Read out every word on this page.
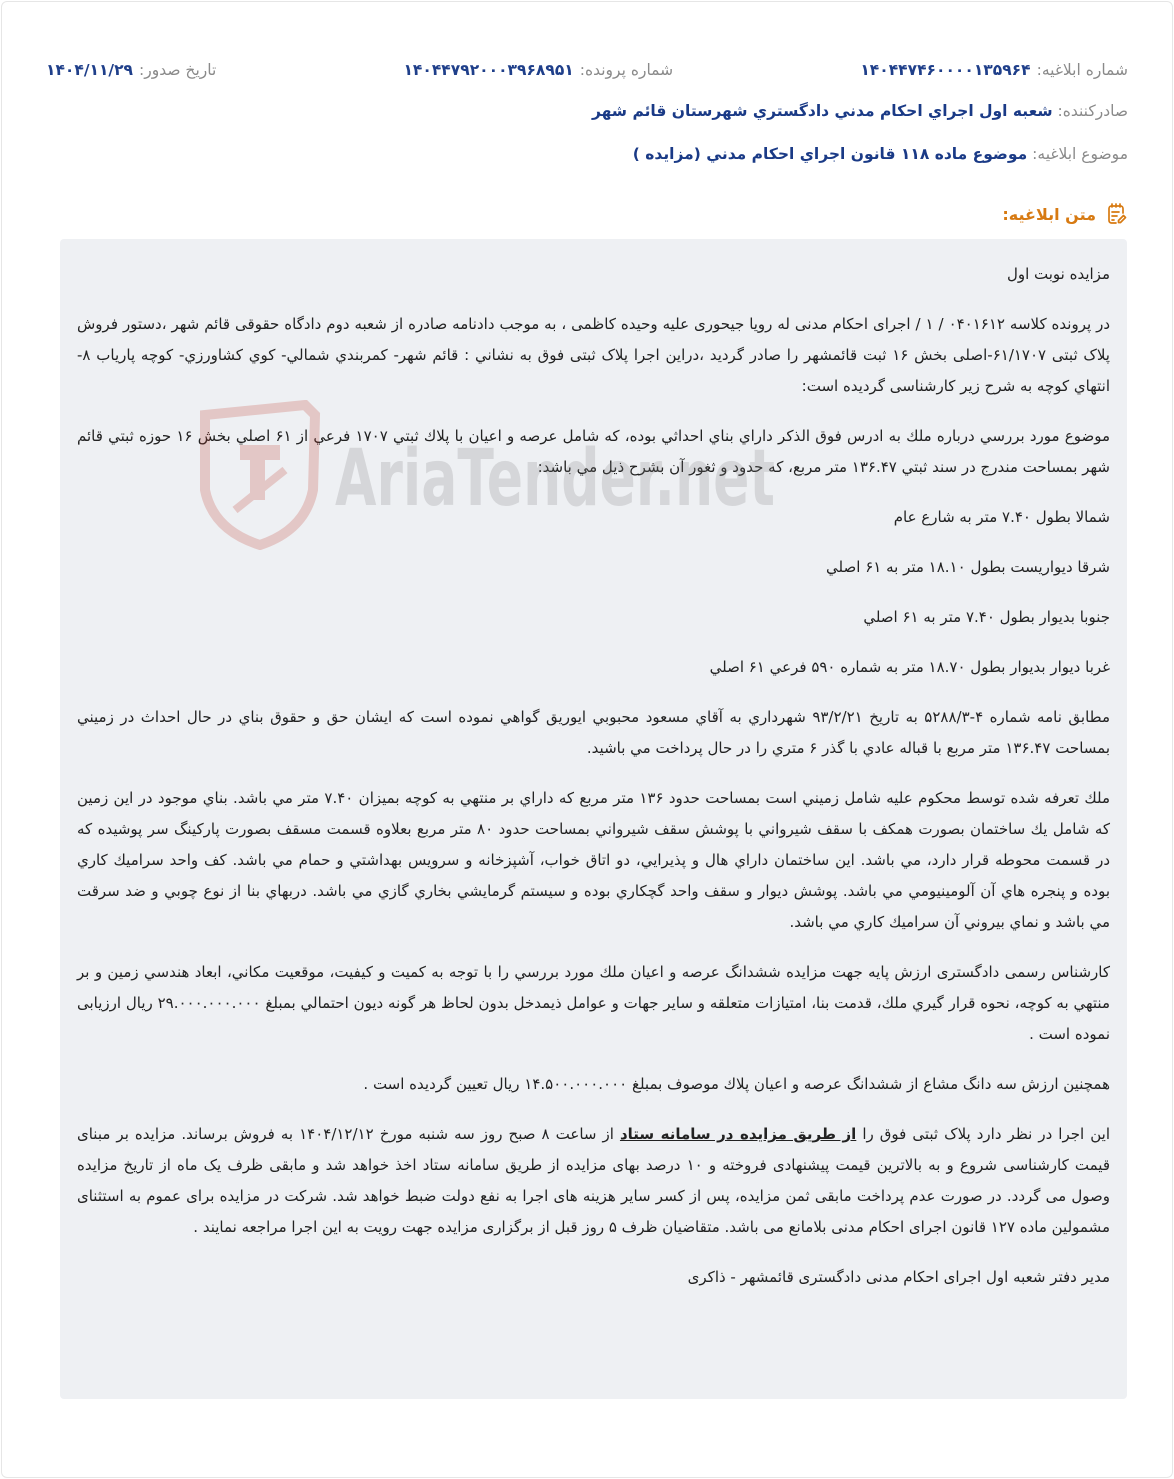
شماره ابلاغیه:
۱۴۰۴۴۷۴۶۰۰۰۰۱۳۵۹۶۴
شماره پرونده:
۱۴۰۴۴۷۹۲۰۰۰۳۹۶۸۹۵۱
تاریخ صدور:
۱۴۰۴/۱۱/۲۹
صادرکننده: شعبه اول اجراي احكام مدني دادگستري شهرستان قائم شهر
موضوع ابلاغیه: موضوع ماده ۱۱۸ قانون اجراي احكام مدني (مزايده )
متن ابلاغیه:

مزايده نوبت اول

در پرونده كلاسه ۰۴۰۱۶۱۲ / ۱ / اجرای احکام مدنی له رویا جیحوری علیه وحیده کاظمی ، به موجب دادنامه صادره از شعبه دوم دادگاه حقوقی قائم شهر ،دستور فروش پلاک ثبتی ۶۱/۱۷۰۷-اصلی بخش ۱۶ ثبت قائمشهر را صادر گردید ،دراین اجرا پلاک ثبتی فوق به نشاني : قائم شهر- كمربندي شمالي- كوي كشاورزي- كوچه پارياب ۸- انتهاي كوچه به شرح زير كارشناسی گرديده است:

موضوع مورد بررسي درباره ملك به ادرس فوق الذكر داراي بناي احداثي بوده، كه شامل عرصه و اعيان با پلاك ثبتي ۱۷۰۷ فرعي از ۶۱ اصلي بخش ۱۶ حوزه ثبتي قائم شهر بمساحت مندرج در سند ثبتي ۱۳۶.۴۷ متر مربع، كه حدود و ثغور آن بشرح ذيل مي باشد:

شمالا بطول ۷.۴۰ متر به شارع عام

شرقا ديواريست بطول ۱۸.۱۰ متر به ۶۱ اصلي

جنوبا بديوار بطول ۷.۴۰ متر به ۶۱ اصلي

غربا ديوار بديوار بطول ۱۸.۷۰ متر به شماره ۵۹۰ فرعي ۶۱ اصلي

مطابق نامه شماره ۴-۵۲۸۸/۳ به تاريخ ۹۳/۲/۲۱ شهرداري به آقاي مسعود محبوبي ايوريق گواهي نموده است كه ايشان حق و حقوق بناي در حال احداث در زميني بمساحت ۱۳۶.۴۷ متر مربع با قباله عادي با گذر ۶ متري را در حال پرداخت مي باشيد.

ملك تعرفه شده توسط محكوم عليه شامل زميني است بمساحت حدود ۱۳۶ متر مربع كه داراي بر منتهي به كوچه بميزان ۷.۴۰ متر مي باشد. بناي موجود در اين زمين كه شامل يك ساختمان بصورت همكف با سقف شيرواني با پوشش سقف شيرواني بمساحت حدود ۸۰ متر مربع بعلاوه قسمت مسقف بصورت پاركينگ سر پوشيده كه در قسمت محوطه قرار دارد، مي باشد. اين ساختمان داراي هال و پذيرايي، دو اتاق خواب، آشپزخانه و سرويس بهداشتي و حمام مي باشد. كف واحد سراميك كاري بوده و پنجره هاي آن آلومينيومي مي باشد. پوشش ديوار و سقف واحد گچكاري بوده و سيستم گرمايشي بخاري گازي مي باشد. دربهاي بنا از نوع چوبي و ضد سرقت مي باشد و نماي بيروني آن سراميك كاري مي باشد.

كارشناس رسمی دادگستری ارزش پايه جهت مزايده ششدانگ عرصه و اعيان ملك مورد بررسي را با توجه به كميت و كيفيت، موقعيت مكاني، ابعاد هندسي زمين و بر منتهي به كوچه، نحوه قرار گيري ملك، قدمت بنا، امتيازات متعلقه و ساير جهات و عوامل ذيمدخل بدون لحاظ هر گونه ديون احتمالي بمبلغ ۲۹.۰۰۰.۰۰۰.۰۰۰ ريال ارزيابی نموده است .

همچنين ارزش سه دانگ مشاع از ششدانگ عرصه و اعيان پلاك موصوف بمبلغ ۱۴.۵۰۰.۰۰۰.۰۰۰ ريال تعيين گرديده است .

این اجرا در نظر دارد پلاک ثبتی فوق را از طريق مزايده در سامانه ستاد از ساعت ۸ صبح روز سه شنبه مورخ ۱۴۰۴/۱۲/۱۲ به فروش برساند. مزایده بر مبنای قیمت کارشناسی شروع و به بالاترین قیمت پیشنهادی فروخته و ۱۰ درصد بهای مزایده از طریق سامانه ستاد اخذ خواهد شد و مابقی ظرف یک ماه از تاریخ مزایده وصول می گردد. در صورت عدم پرداخت مابقی ثمن مزایده، پس از کسر سایر هزینه های اجرا به نفع دولت ضبط خواهد شد. شرکت در مزایده برای عموم به استثنای مشمولین ماده ۱۲۷ قانون اجرای احکام مدنی بلامانع می باشد. متقاضیان ظرف ۵ روز قبل از برگزاری مزایده جهت رویت به این اجرا مراجعه نمایند .

مدير دفتر شعبه اول اجرای احکام مدنی دادگستری قائمشهر - ذاکری

AriaTender.net
